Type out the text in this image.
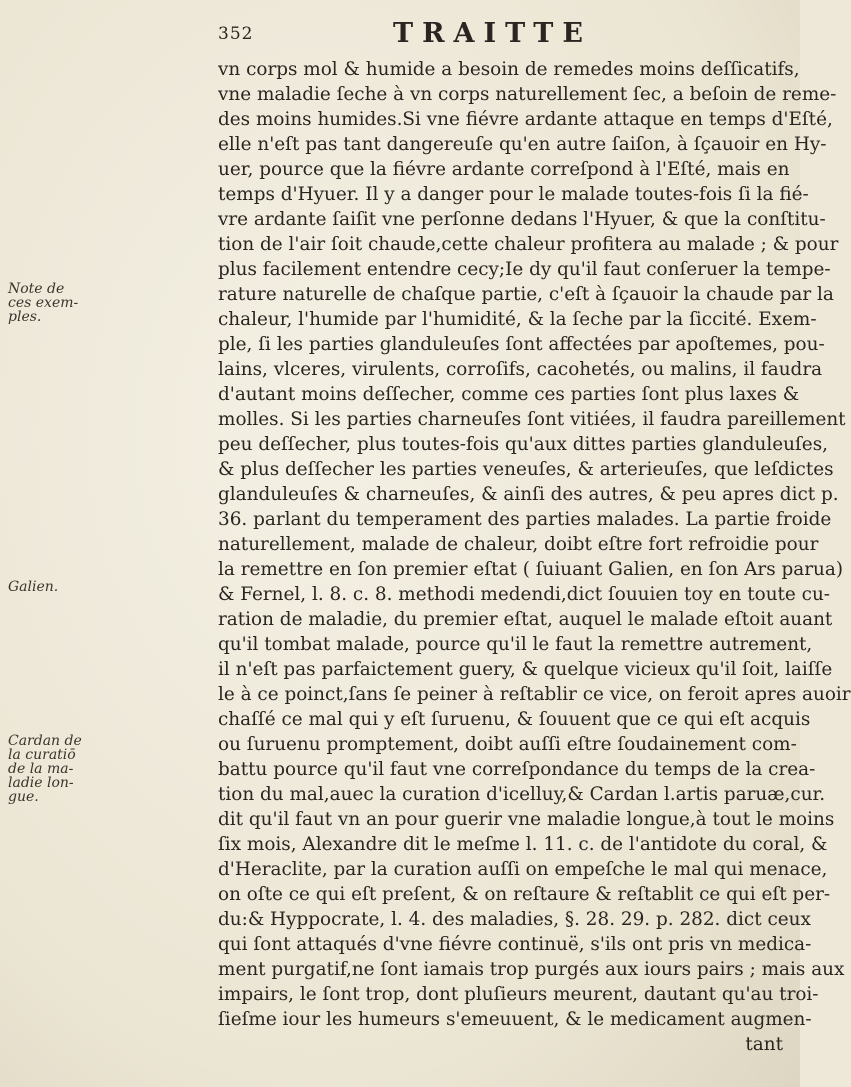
352	TRAITTE
vn corps mol & humide a besoin de remedes moins deſſicatifs,
vne maladie ſeche à vn corps naturellement ſec, a beſoin de reme-
des moins humides.Si vne fiévre ardante attaque en temps d'Eſté,
elle n'eſt pas tant dangereuſe qu'en autre ſaiſon, à ſçauoir en Hy-
uer, pource que la fiévre ardante correſpond à l'Eſté, mais en
temps d'Hyuer. Il y a danger pour le malade toutes-fois ſi la fié-
vre ardante ſaiſit vne perſonne dedans l'Hyuer, & que la conſtitu-
tion de l'air ſoit chaude,cette chaleur profitera au malade ; & pour
plus facilement entendre cecy;Ie dy qu'il faut conſeruer la tempe-
rature naturelle de chaſque partie, c'eſt à ſçauoir la chaude par la
chaleur, l'humide par l'humidité, & la ſeche par la ſiccité. Exem-
ple, ſi les parties glanduleuſes ſont affectées par apoſtemes, pou-
lains, vlceres, virulents, corroſifs, cacohetés, ou malins, il faudra
d'autant moins deſſecher, comme ces parties ſont plus laxes &
molles. Si les parties charneuſes ſont vitiées, il faudra pareillement
peu deſſecher, plus toutes-fois qu'aux dittes parties glanduleuſes,
& plus deſſecher les parties veneuſes, & arterieuſes, que leſdictes
glanduleuſes & charneuſes, & ainſi des autres, & peu apres dict p.
36. parlant du temperament des parties malades. La partie froide
naturellement, malade de chaleur, doibt eſtre fort refroidie pour
la remettre en ſon premier eſtat ( ſuiuant Galien, en ſon Ars parua)
& Fernel, l. 8. c. 8. methodi medendi,dict ſouuien toy en toute cu-
ration de maladie, du premier eſtat, auquel le malade eſtoit auant
qu'il tombat malade, pource qu'il le faut la remettre autrement,
il n'eſt pas parfaictement guery, & quelque vicieux qu'il ſoit, laiſſe
le à ce poinct,ſans ſe peiner à reſtablir ce vice, on feroit apres auoir
chaſſé ce mal qui y eſt ſuruenu, & ſouuent que ce qui eſt acquis
ou ſuruenu promptement, doibt auſſi eſtre ſoudainement com-
battu pource qu'il faut vne correſpondance du temps de la crea-
tion du mal,auec la curation d'icelluy,& Cardan l.artis paruæ,cur.
dit qu'il faut vn an pour guerir vne maladie longue,à tout le moins
ſix mois, Alexandre dit le meſme l. 11. c. de l'antidote du coral, &
d'Heraclite, par la curation auſſi on empeſche le mal qui menace,
on oſte ce qui eſt preſent, & on reſtaure & reſtablit ce qui eſt per-
du:& Hyppocrate, l. 4. des maladies, §. 28. 29. p. 282. dict ceux
qui ſont attaqués d'vne fiévre continuë, s'ils ont pris vn medica-
ment purgatif,ne ſont iamais trop purgés aux iours pairs ; mais aux
impairs, le ſont trop, dont pluſieurs meurent, dautant qu'au troi-
ſieſme iour les humeurs s'emeuuent, & le medicament augmen-
tant
Note de
ces exem-
ples.
Galien.
Cardan de
la curatiō
de la ma-
ladie lon-
gue.
